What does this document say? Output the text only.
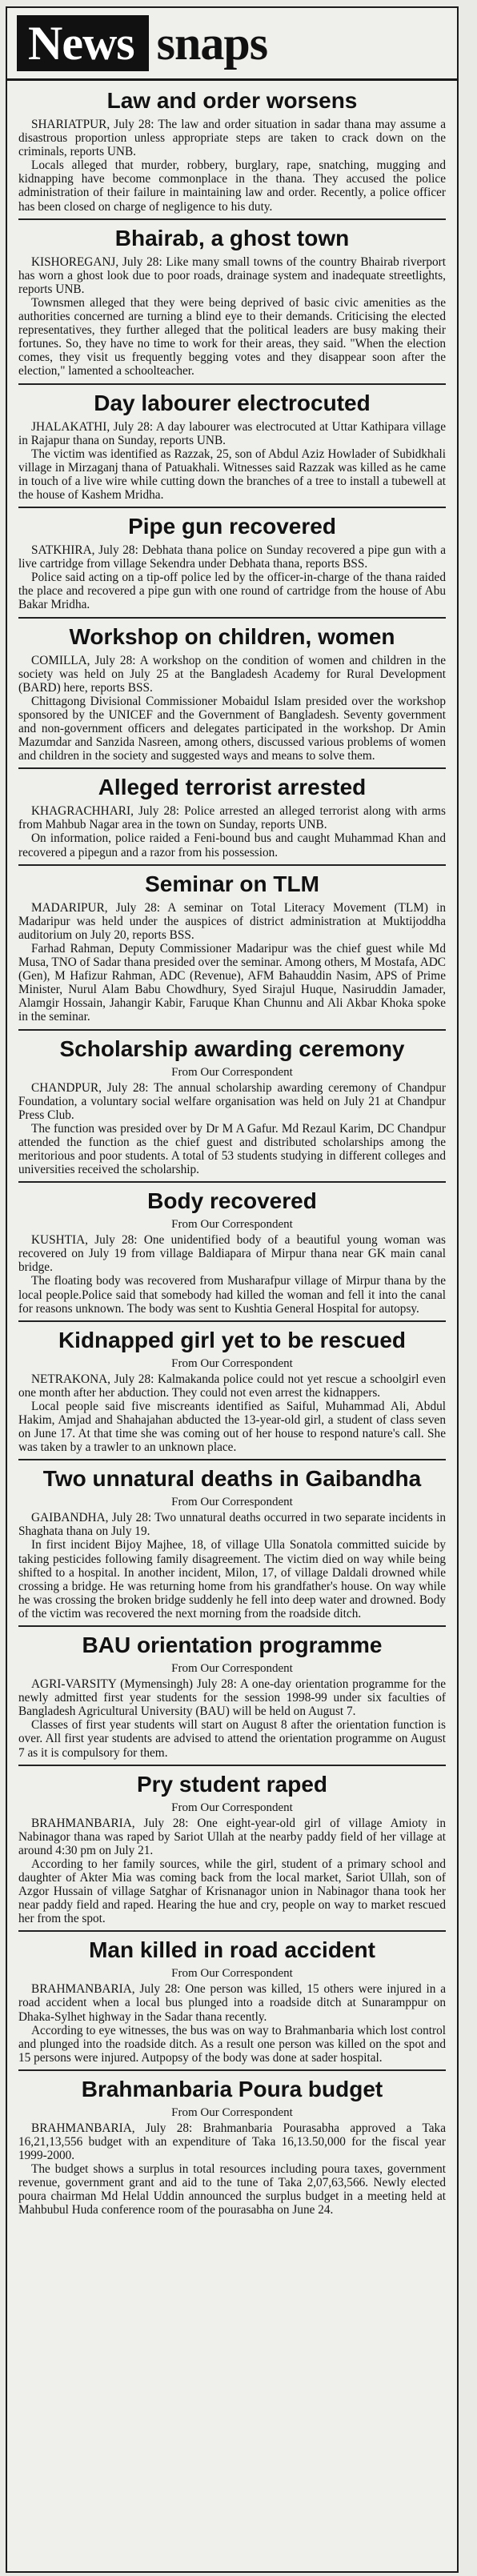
News snaps
Law and order worsens

SHARIATPUR, July 28: The law and order situation in sadar thana may assume a disastrous proportion unless appropriate steps are taken to crack down on the criminals, reports UNB.

Locals alleged that murder, robbery, burglary, rape, snatching, mugging and kidnapping have become commonplace in the thana. They accused the police administration of their failure in maintaining law and order. Recently, a police officer has been closed on charge of negligence to his duty.

Bhairab, a ghost town

KISHOREGANJ, July 28: Like many small towns of the country Bhairab riverport has worn a ghost look due to poor roads, drainage system and inadequate streetlights, reports UNB.

Townsmen alleged that they were being deprived of basic civic amenities as the authorities concerned are turning a blind eye to their demands. Criticising the elected representatives, they further alleged that the political leaders are busy making their fortunes. So, they have no time to work for their areas, they said. "When the election comes, they visit us frequently begging votes and they disappear soon after the election," lamented a schoolteacher.

Day labourer electrocuted

JHALAKATHI, July 28: A day labourer was electrocuted at Uttar Kathipara village in Rajapur thana on Sunday, reports UNB.

The victim was identified as Razzak, 25, son of Abdul Aziz Howlader of Subidkhali village in Mirzaganj thana of Patuakhali. Witnesses said Razzak was killed as he came in touch of a live wire while cutting down the branches of a tree to install a tubewell at the house of Kashem Mridha.

Pipe gun recovered

SATKHIRA, July 28: Debhata thana police on Sunday recovered a pipe gun with a live cartridge from village Sekendra under Debhata thana, reports BSS.

Police said acting on a tip-off police led by the officer-in-charge of the thana raided the place and recovered a pipe gun with one round of cartridge from the house of Abu Bakar Mridha.

Workshop on children, women

COMILLA, July 28: A workshop on the condition of women and children in the society was held on July 25 at the Bangladesh Academy for Rural Development (BARD) here, reports BSS.

Chittagong Divisional Commissioner Mobaidul Islam presided over the workshop sponsored by the UNICEF and the Government of Bangladesh. Seventy government and non-government officers and delegates participated in the workshop. Dr Amin Mazumdar and Sanzida Nasreen, among others, discussed various problems of women and children in the society and suggested ways and means to solve them.

Alleged terrorist arrested

KHAGRACHHARI, July 28: Police arrested an alleged terrorist along with arms from Mahbub Nagar area in the town on Sunday, reports UNB.

On information, police raided a Feni-bound bus and caught Muhammad Khan and recovered a pipegun and a razor from his possession.

Seminar on TLM

MADARIPUR, July 28: A seminar on Total Literacy Movement (TLM) in Madaripur was held under the auspices of district administration at Muktijoddha auditorium on July 20, reports BSS.

Farhad Rahman, Deputy Commissioner Madaripur was the chief guest while Md Musa, TNO of Sadar thana presided over the seminar. Among others, M Mostafa, ADC (Gen), M Hafizur Rahman, ADC (Revenue), AFM Bahauddin Nasim, APS of Prime Minister, Nurul Alam Babu Chowdhury, Syed Sirajul Huque, Nasiruddin Jamader, Alamgir Hossain, Jahangir Kabir, Faruque Khan Chunnu and Ali Akbar Khoka spoke in the seminar.

Scholarship awarding ceremony
From Our Correspondent

CHANDPUR, July 28: The annual scholarship awarding ceremony of Chandpur Foundation, a voluntary social welfare organisation was held on July 21 at Chandpur Press Club.

The function was presided over by Dr M A Gafur. Md Rezaul Karim, DC Chandpur attended the function as the chief guest and distributed scholarships among the meritorious and poor students. A total of 53 students studying in different colleges and universities received the scholarship.

Body recovered
From Our Correspondent

KUSHTIA, July 28: One unidentified body of a beautiful young woman was recovered on July 19 from village Baldiapara of Mirpur thana near GK main canal bridge.

The floating body was recovered from Musharafpur village of Mirpur thana by the local people.Police said that somebody had killed the woman and fell it into the canal for reasons unknown. The body was sent to Kushtia General Hospital for autopsy.

Kidnapped girl yet to be rescued
From Our Correspondent

NETRAKONA, July 28: Kalmakanda police could not yet rescue a schoolgirl even one month after her abduction. They could not even arrest the kidnappers.

Local people said five miscreants identified as Saiful, Muhammad Ali, Abdul Hakim, Amjad and Shahajahan abducted the 13-year-old girl, a student of class seven on June 17. At that time she was coming out of her house to respond nature's call. She was taken by a trawler to an unknown place.

Two unnatural deaths in Gaibandha
From Our Correspondent

GAIBANDHA, July 28: Two unnatural deaths occurred in two separate incidents in Shaghata thana on July 19.

In first incident Bijoy Majhee, 18, of village Ulla Sonatola committed suicide by taking pesticides following family disagreement. The victim died on way while being shifted to a hospital. In another incident, Milon, 17, of village Daldali drowned while crossing a bridge. He was returning home from his grandfather's house. On way while he was crossing the broken bridge suddenly he fell into deep water and drowned. Body of the victim was recovered the next morning from the roadside ditch.

BAU orientation programme
From Our Correspondent

AGRI-VARSITY (Mymensingh) July 28: A one-day orientation programme for the newly admitted first year students for the session 1998-99 under six faculties of Bangladesh Agricultural University (BAU) will be held on August 7.

Classes of first year students will start on August 8 after the orientation function is over. All first year students are advised to attend the orientation programme on August 7 as it is compulsory for them.

Pry student raped
From Our Correspondent

BRAHMANBARIA, July 28: One eight-year-old girl of village Amioty in Nabinagor thana was raped by Sariot Ullah at the nearby paddy field of her village at around 4:30 pm on July 21.

According to her family sources, while the girl, student of a primary school and daughter of Akter Mia was coming back from the local market, Sariot Ullah, son of Azgor Hussain of village Satghar of Krisnanagor union in Nabinagor thana took her near paddy field and raped. Hearing the hue and cry, people on way to market rescued her from the spot.

Man killed in road accident
From Our Correspondent

BRAHMANBARIA, July 28: One person was killed, 15 others were injured in a road accident when a local bus plunged into a roadside ditch at Sunaramppur on Dhaka-Sylhet highway in the Sadar thana recently.

According to eye witnesses, the bus was on way to Brahmanbaria which lost control and plunged into the roadside ditch. As a result one person was killed on the spot and 15 persons were injured. Autpopsy of the body was done at sader hospital.

Brahmanbaria Poura budget
From Our Correspondent

BRAHMANBARIA, July 28: Brahmanbaria Pourasabha approved a Taka 16,21,13,556 budget with an expenditure of Taka 16,13.50,000 for the fiscal year 1999-2000.

The budget shows a surplus in total resources including poura taxes, government revenue, government grant and aid to the tune of Taka 2,07,63,566. Newly elected poura chairman Md Helal Uddin announced the surplus budget in a meeting held at Mahbubul Huda conference room of the pourasabha on June 24.
